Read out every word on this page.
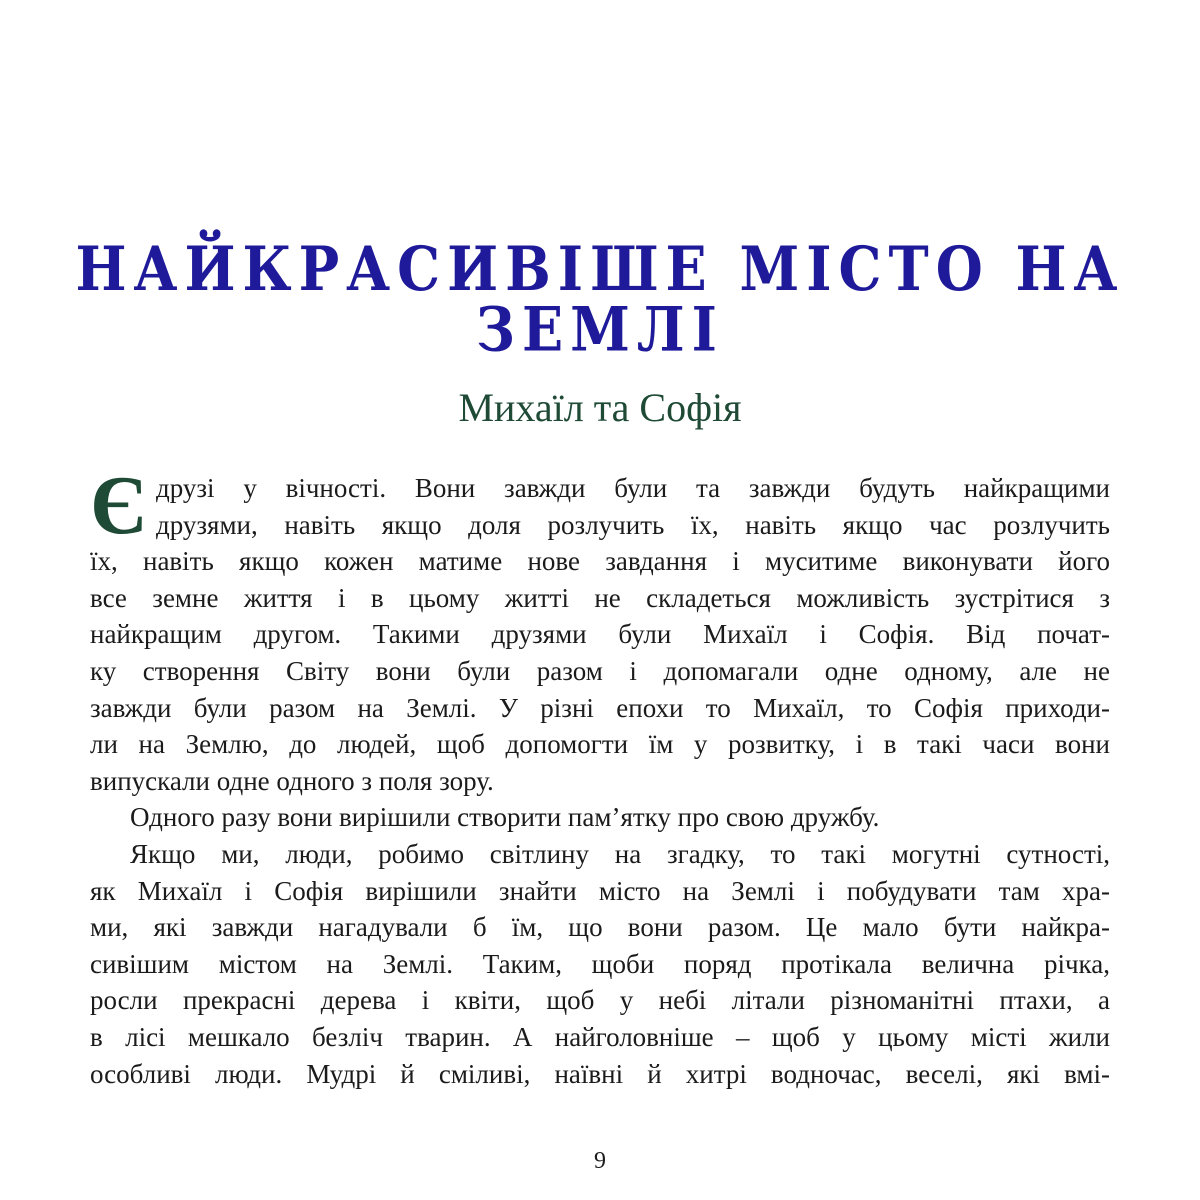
НАЙКРАСИВІШЕ МІСТО НА ЗЕМЛІ
Михаїл та Софія
Є друзі у вічності. Вони завжди були та завжди будуть найкращими
друзями, навіть якщо доля розлучить їх, навіть якщо час розлучить
їх, навіть якщо кожен матиме нове завдання і муситиме виконувати його
все земне життя і в цьому житті не складеться можливість зустрітися з
найкращим другом. Такими друзями були Михаїл і Софія. Від почат-
ку створення Світу вони були разом і допомагали одне одному, але не
завжди були разом на Землі. У різні епохи то Михаїл, то Софія приходи-
ли на Землю, до людей, щоб допомогти їм у розвитку, і в такі часи вони
випускали одне одного з поля зору.
Одного разу вони вирішили створити пам’ятку про свою дружбу.
Якщо ми, люди, робимо світлину на згадку, то такі могутні сутності,
як Михаїл і Софія вирішили знайти місто на Землі і побудувати там хра-
ми, які завжди нагадували б їм, що вони разом. Це мало бути найкра-
сивішим містом на Землі. Таким, щоби поряд протікала велична річка,
росли прекрасні дерева і квіти, щоб у небі літали різноманітні птахи, а
в лісі мешкало безліч тварин. А найголовніше – щоб у цьому місті жили
особливі люди. Мудрі й сміливі, наївні й хитрі водночас, веселі, які вмі-
9
